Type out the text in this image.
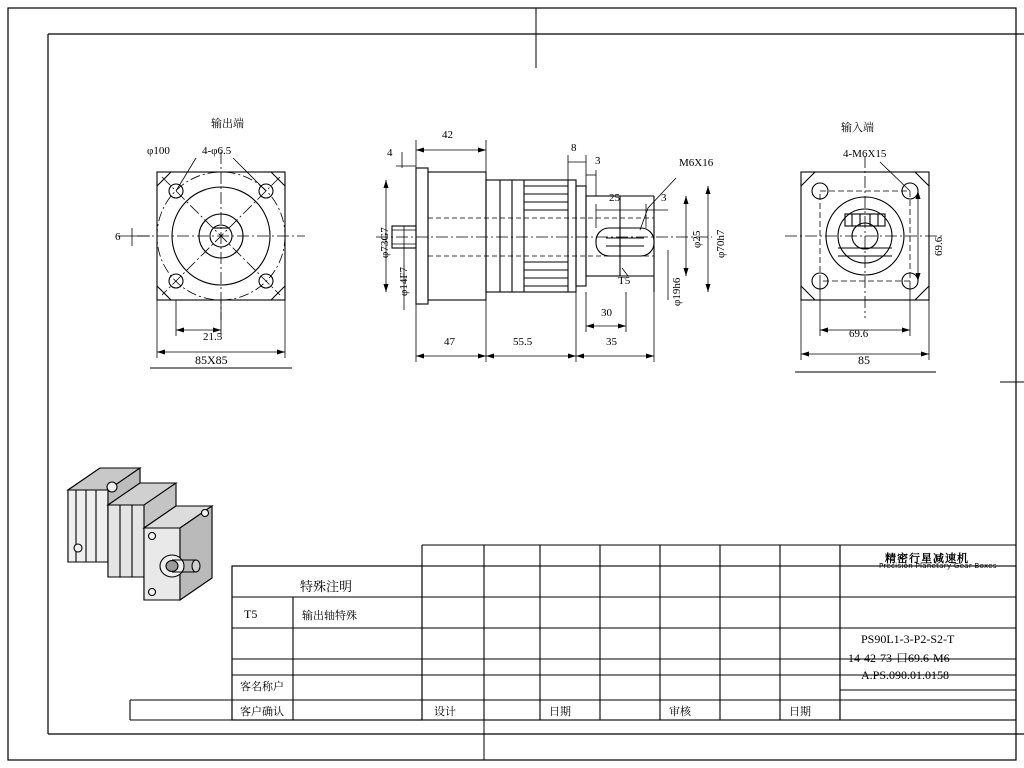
输出端	输入端
φ100	4-φ6.5
6
21.5
85X85
42
4	8
3	M6X16
25	3
φ25 φ70h7
φ73G7
φ14F7	T5	φ19h6
30
47	55.5	35
4-M6X15
69.6
69.6
85
特殊注明
T5	输出轴特殊
客名称户
客户确认	设计	日期	审核	日期
精密行星减速机
Precision Planetary Gear Boxes
PS90L1-3-P2-S2-T
14-42-73-口69.6-M6
A.PS.090.01.0158
